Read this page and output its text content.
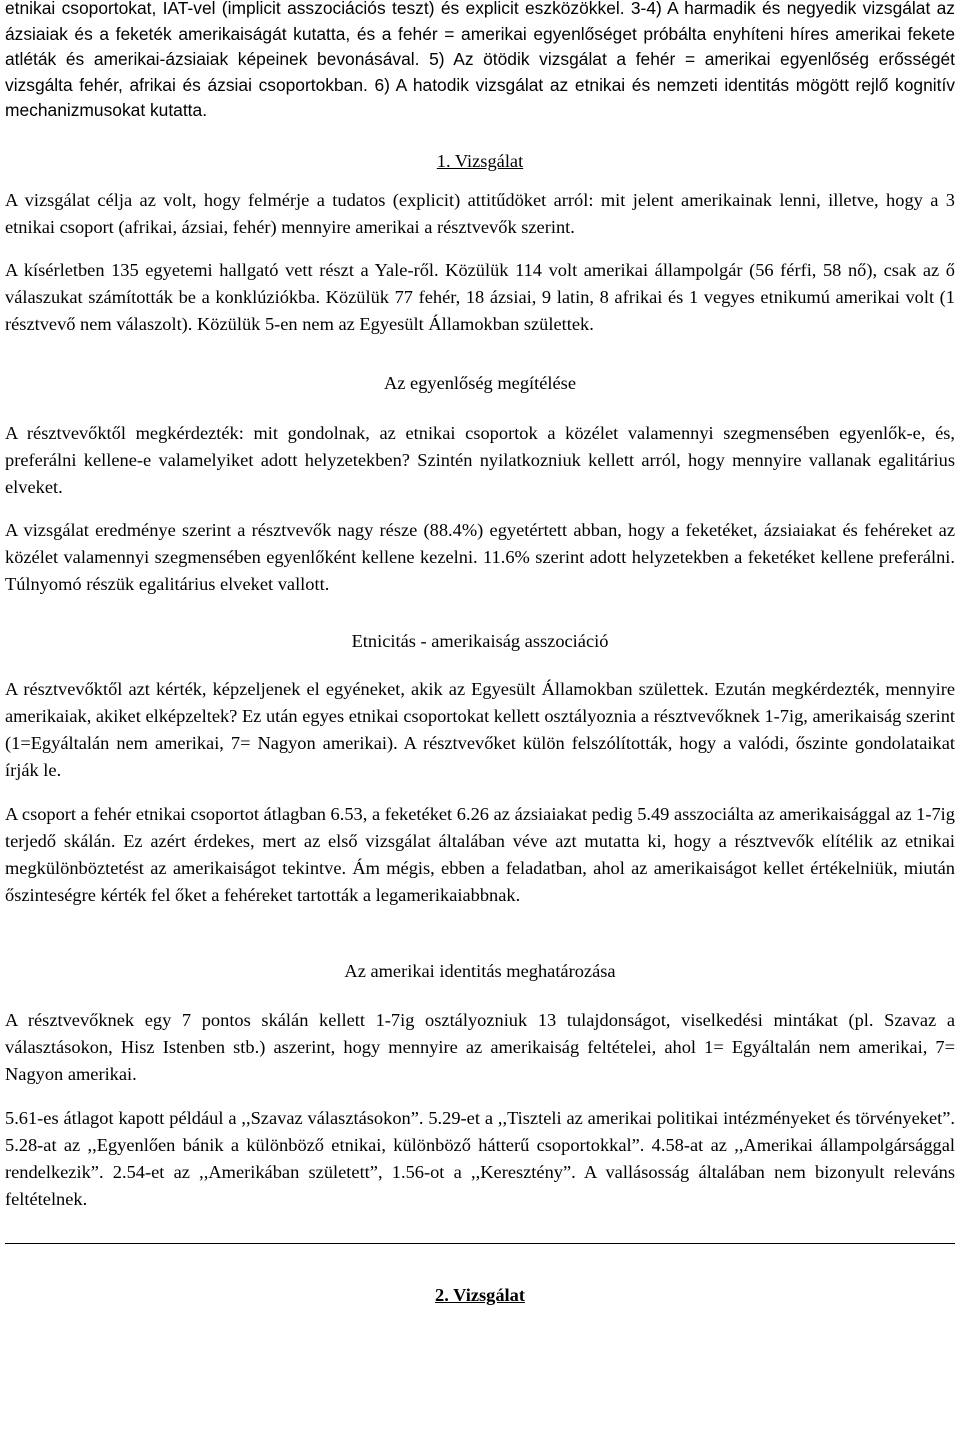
etnikai csoportokat, IAT-vel (implicit asszociációs teszt) és explicit eszközökkel. 3-4) A harmadik és negyedik vizsgálat az ázsiaiak és a feketék amerikaiságát kutatta, és a fehér = amerikai egyenlőséget próbálta enyhíteni híres amerikai fekete atléták és amerikai-ázsiaiak képeinek bevonásával. 5) Az ötödik vizsgálat a fehér = amerikai egyenlőség erősségét vizsgálta fehér, afrikai és ázsiai csoportokban. 6) A hatodik vizsgálat az etnikai és nemzeti identitás mögött rejlő kognitív mechanizmusokat kutatta.

1. Vizsgálat

A vizsgálat célja az volt, hogy felmérje a tudatos (explicit) attitűdöket arról: mit jelent amerikainak lenni, illetve, hogy a 3 etnikai csoport (afrikai, ázsiai, fehér) mennyire amerikai a résztvevők szerint.

A kísérletben 135 egyetemi hallgató vett részt a Yale-ről. Közülük 114 volt amerikai állampolgár (56 férfi, 58 nő), csak az ő válaszukat számították be a konklúziókba. Közülük 77 fehér, 18 ázsiai, 9 latin, 8 afrikai és 1 vegyes etnikumú amerikai volt (1 résztvevő nem válaszolt). Közülük 5-en nem az Egyesült Államokban születtek.

Az egyenlőség megítélése

A résztvevőktől megkérdezték: mit gondolnak, az etnikai csoportok a közélet valamennyi szegmensében egyenlők-e, és, preferálni kellene-e valamelyiket adott helyzetekben? Szintén nyilatkozniuk kellett arról, hogy mennyire vallanak egalitárius elveket.

A vizsgálat eredménye szerint a résztvevők nagy része (88.4%) egyetértett abban, hogy a feketéket, ázsiaiakat és fehéreket az közélet valamennyi szegmensében egyenlőként kellene kezelni. 11.6% szerint adott helyzetekben a feketéket kellene preferálni. Túlnyomó részük egalitárius elveket vallott.

Etnicitás - amerikaiság asszociáció

A résztvevőktől azt kérték, képzeljenek el egyéneket, akik az Egyesült Államokban születtek. Ezután megkérdezték, mennyire amerikaiak, akiket elképzeltek? Ez után egyes etnikai csoportokat kellett osztályoznia a résztvevőknek 1-7ig, amerikaiság szerint (1=Egyáltalán nem amerikai, 7= Nagyon amerikai). A résztvevőket külön felszólították, hogy a valódi, őszinte gondolataikat írják le.

A csoport a fehér etnikai csoportot átlagban 6.53, a feketéket 6.26 az ázsiaiakat pedig 5.49 asszociálta az amerikaisággal az 1-7ig terjedő skálán. Ez azért érdekes, mert az első vizsgálat általában véve azt mutatta ki, hogy a résztvevők elítélik az etnikai megkülönböztetést az amerikaiságot tekintve. Ám mégis, ebben a feladatban, ahol az amerikaiságot kellet értékelniük, miután őszinteségre kérték fel őket a fehéreket tartották a legamerikaiabbnak.

Az amerikai identitás meghatározása

A résztvevőknek egy 7 pontos skálán kellett 1-7ig osztályozniuk 13 tulajdonságot, viselkedési mintákat (pl. Szavaz a választásokon, Hisz Istenben stb.) aszerint, hogy mennyire az amerikaiság feltételei, ahol 1= Egyáltalán nem amerikai, 7= Nagyon amerikai.

5.61-es átlagot kapott például a ,,Szavaz választásokon”. 5.29-et a ,,Tiszteli az amerikai politikai intézményeket és törvényeket”. 5.28-at az ,,Egyenlően bánik a különböző etnikai, különböző hátterű csoportokkal”. 4.58-at az ,,Amerikai állampolgársággal rendelkezik”. 2.54-et az ,,Amerikában született”, 1.56-ot a ,,Keresztény”. A vallásosság általában nem bizonyult releváns feltételnek.

2. Vizsgálat
